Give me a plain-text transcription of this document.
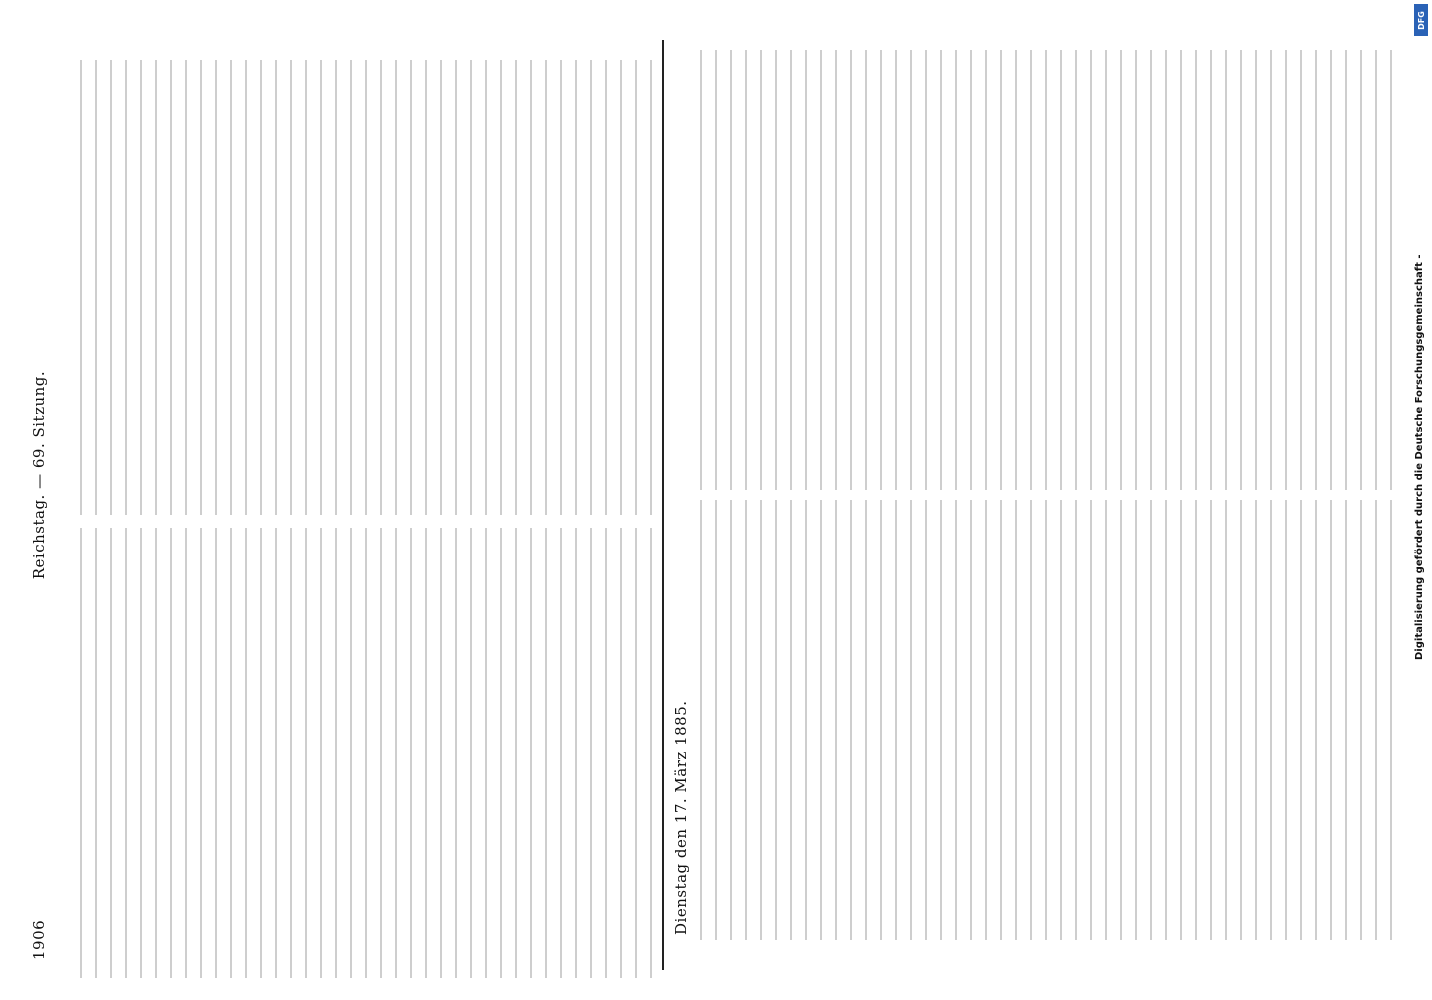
1906  Reichstag. — 69. Sitzung.
Dienstag den 17. März 1885.
Digitalisierung gefördert durch die Deutsche Forschungsgemeinschaft -
DFG
